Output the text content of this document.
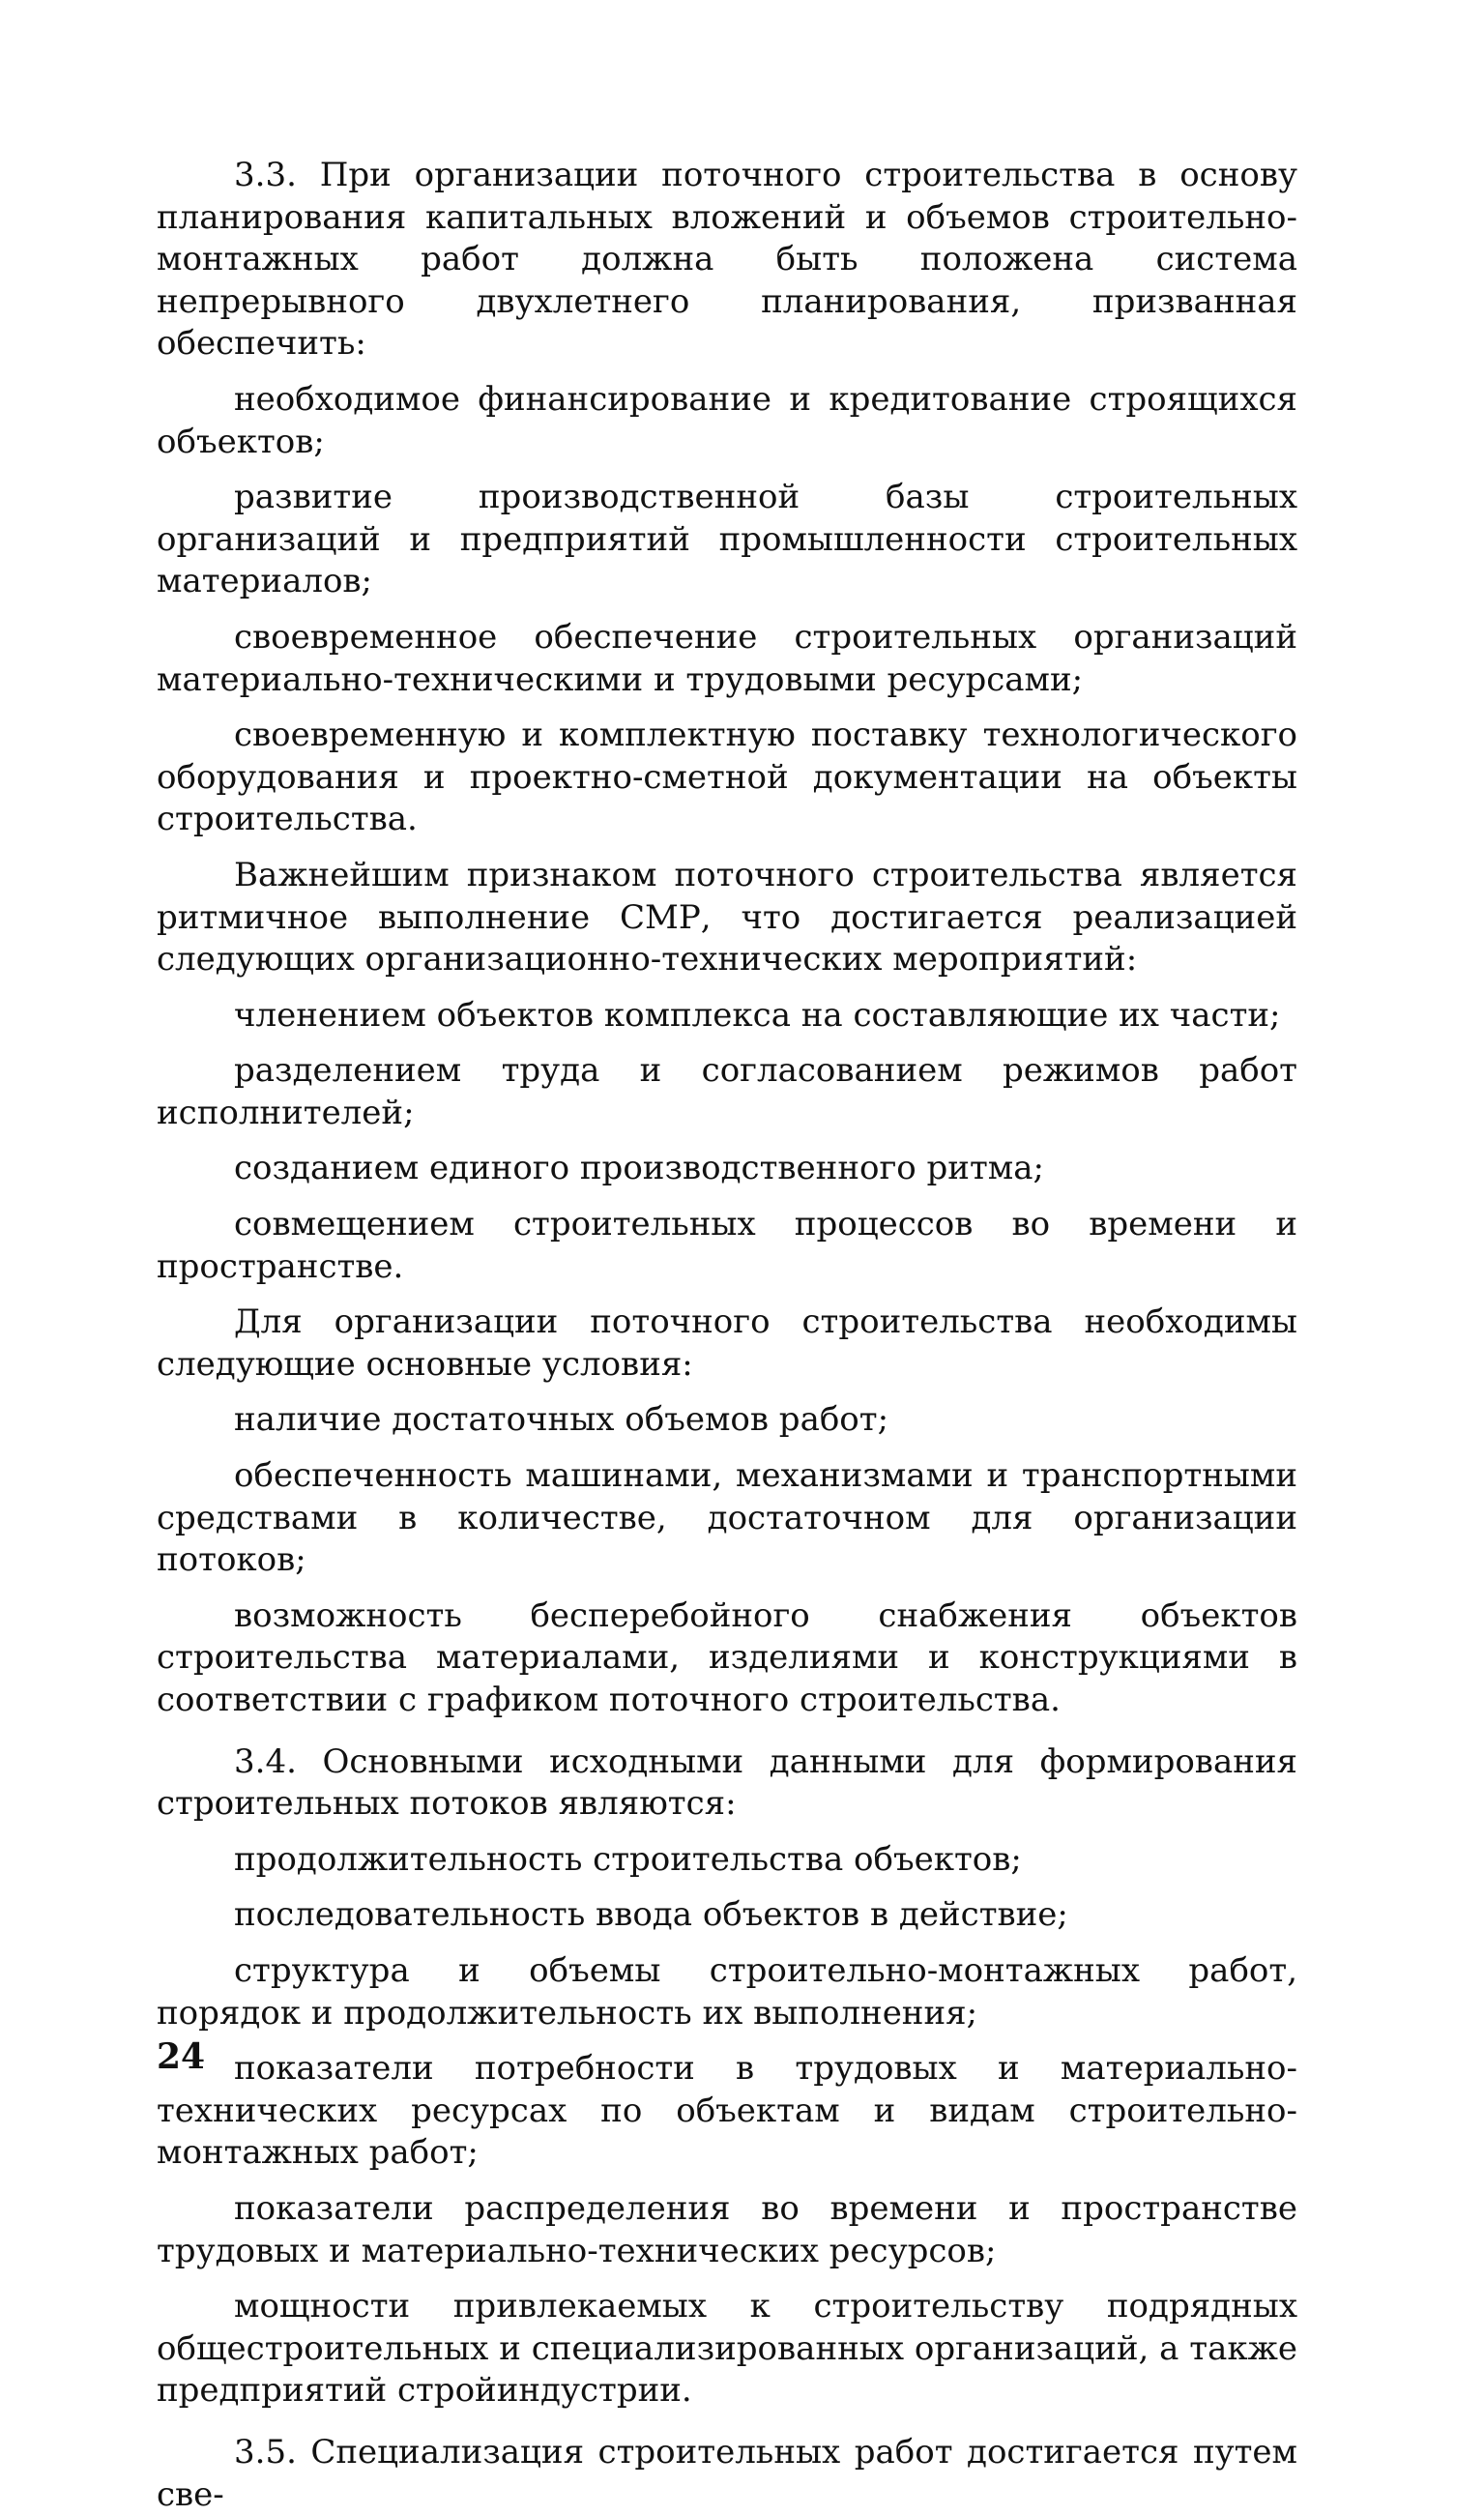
3.3. При организации поточного строительства в основу планирования капитальных вложений и объемов строительно-монтажных работ должна быть положена система непрерывного двухлетнего планирования, призванная обеспечить:

необходимое финансирование и кредитование строящихся объектов;

развитие производственной базы строительных организаций и предприятий промышленности строительных материалов;

своевременное обеспечение строительных организаций материально-техническими и трудовыми ресурсами;

своевременную и комплектную поставку технологического оборудования и проектно-сметной документации на объекты строительства.

Важнейшим признаком поточного строительства является ритмичное выполнение СМР, что достигается реализацией следующих организационно-технических мероприятий:

членением объектов комплекса на составляющие их части;

разделением труда и согласованием режимов работ исполнителей;

созданием единого производственного ритма;

совмещением строительных процессов во времени и пространстве.

Для организации поточного строительства необходимы следующие основные условия:

наличие достаточных объемов работ;

обеспеченность машинами, механизмами и транспортными средствами в количестве, достаточном для организации потоков;

возможность бесперебойного снабжения объектов строительства материалами, изделиями и конструкциями в соответствии с графиком поточного строительства.

3.4. Основными исходными данными для формирования строительных потоков являются:

продолжительность строительства объектов;

последовательность ввода объектов в действие;

структура и объемы строительно-монтажных работ, порядок и продолжительность их выполнения;

показатели потребности в трудовых и материально-технических ресурсах по объектам и видам строительно-монтажных работ;

показатели распределения во времени и пространстве трудовых и материально-технических ресурсов;

мощности привлекаемых к строительству подрядных общестроительных и специализированных организаций, а также предприятий стройиндустрии.

3.5. Специализация строительных работ достигается путем све-

24
